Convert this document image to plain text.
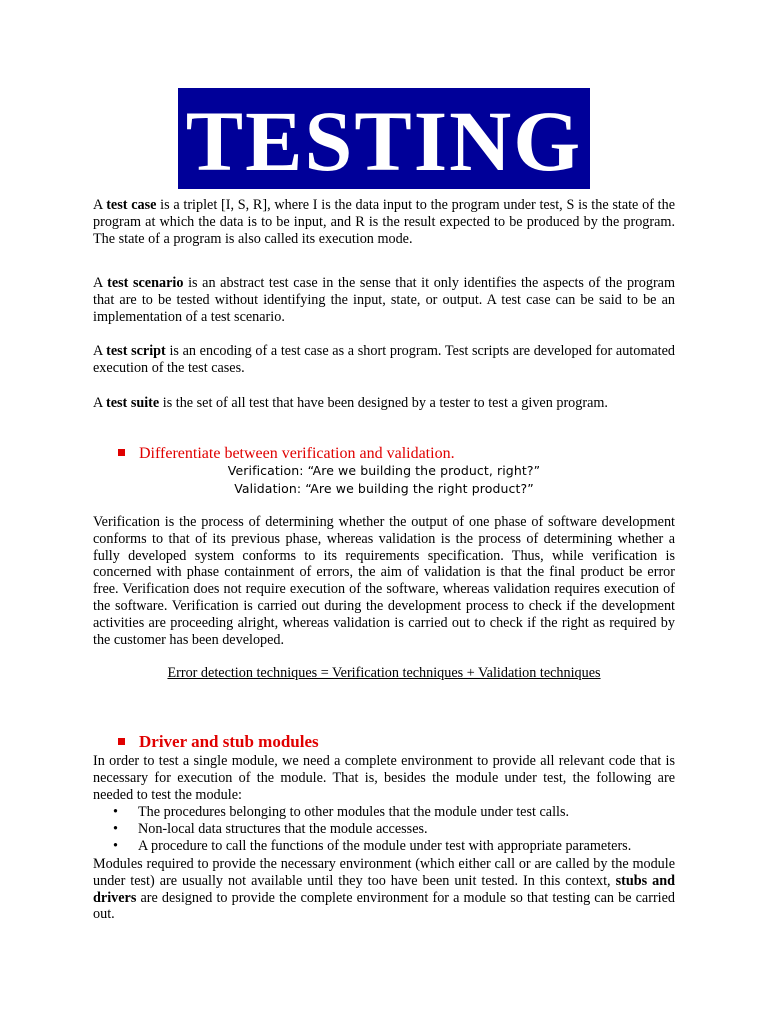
TESTING

A test case is a triplet [I, S, R], where I is the data input to the program under test, S is the state of the program at which the data is to be input, and R is the result expected to be produced by the program. The state of a program is also called its execution mode.

A test scenario is an abstract test case in the sense that it only identifies the aspects of the program that are to be tested without identifying the input, state, or output. A test case can be said to be an implementation of a test scenario.

A test script is an encoding of a test case as a short program. Test scripts are developed for automated execution of the test cases.

A test suite is the set of all test that have been designed by a tester to test a given program.

Differentiate between verification and validation.
Verification: “Are we building the product, right?”
Validation: “Are we building the right product?”

Verification is the process of determining whether the output of one phase of software development conforms to that of its previous phase, whereas validation is the process of determining whether a fully developed system conforms to its requirements specification. Thus, while verification is concerned with phase containment of errors, the aim of validation is that the final product be error free. Verification does not require execution of the software, whereas validation requires execution of the software. Verification is carried out during the development process to check if the development activities are proceeding alright, whereas validation is carried out to check if the right as required by the customer has been developed.

Error detection techniques = Verification techniques + Validation techniques
Driver and stub modules

In order to test a single module, we need a complete environment to provide all relevant code that is necessary for execution of the module. That is, besides the module under test, the following are needed to test the module:

•	The procedures belonging to other modules that the module under test calls.
•	Non-local data structures that the module accesses.
•	A procedure to call the functions of the module under test with appropriate parameters.

Modules required to provide the necessary environment (which either call or are called by the module under test) are usually not available until they too have been unit tested. In this context, stubs and drivers are designed to provide the complete environment for a module so that testing can be carried out.
